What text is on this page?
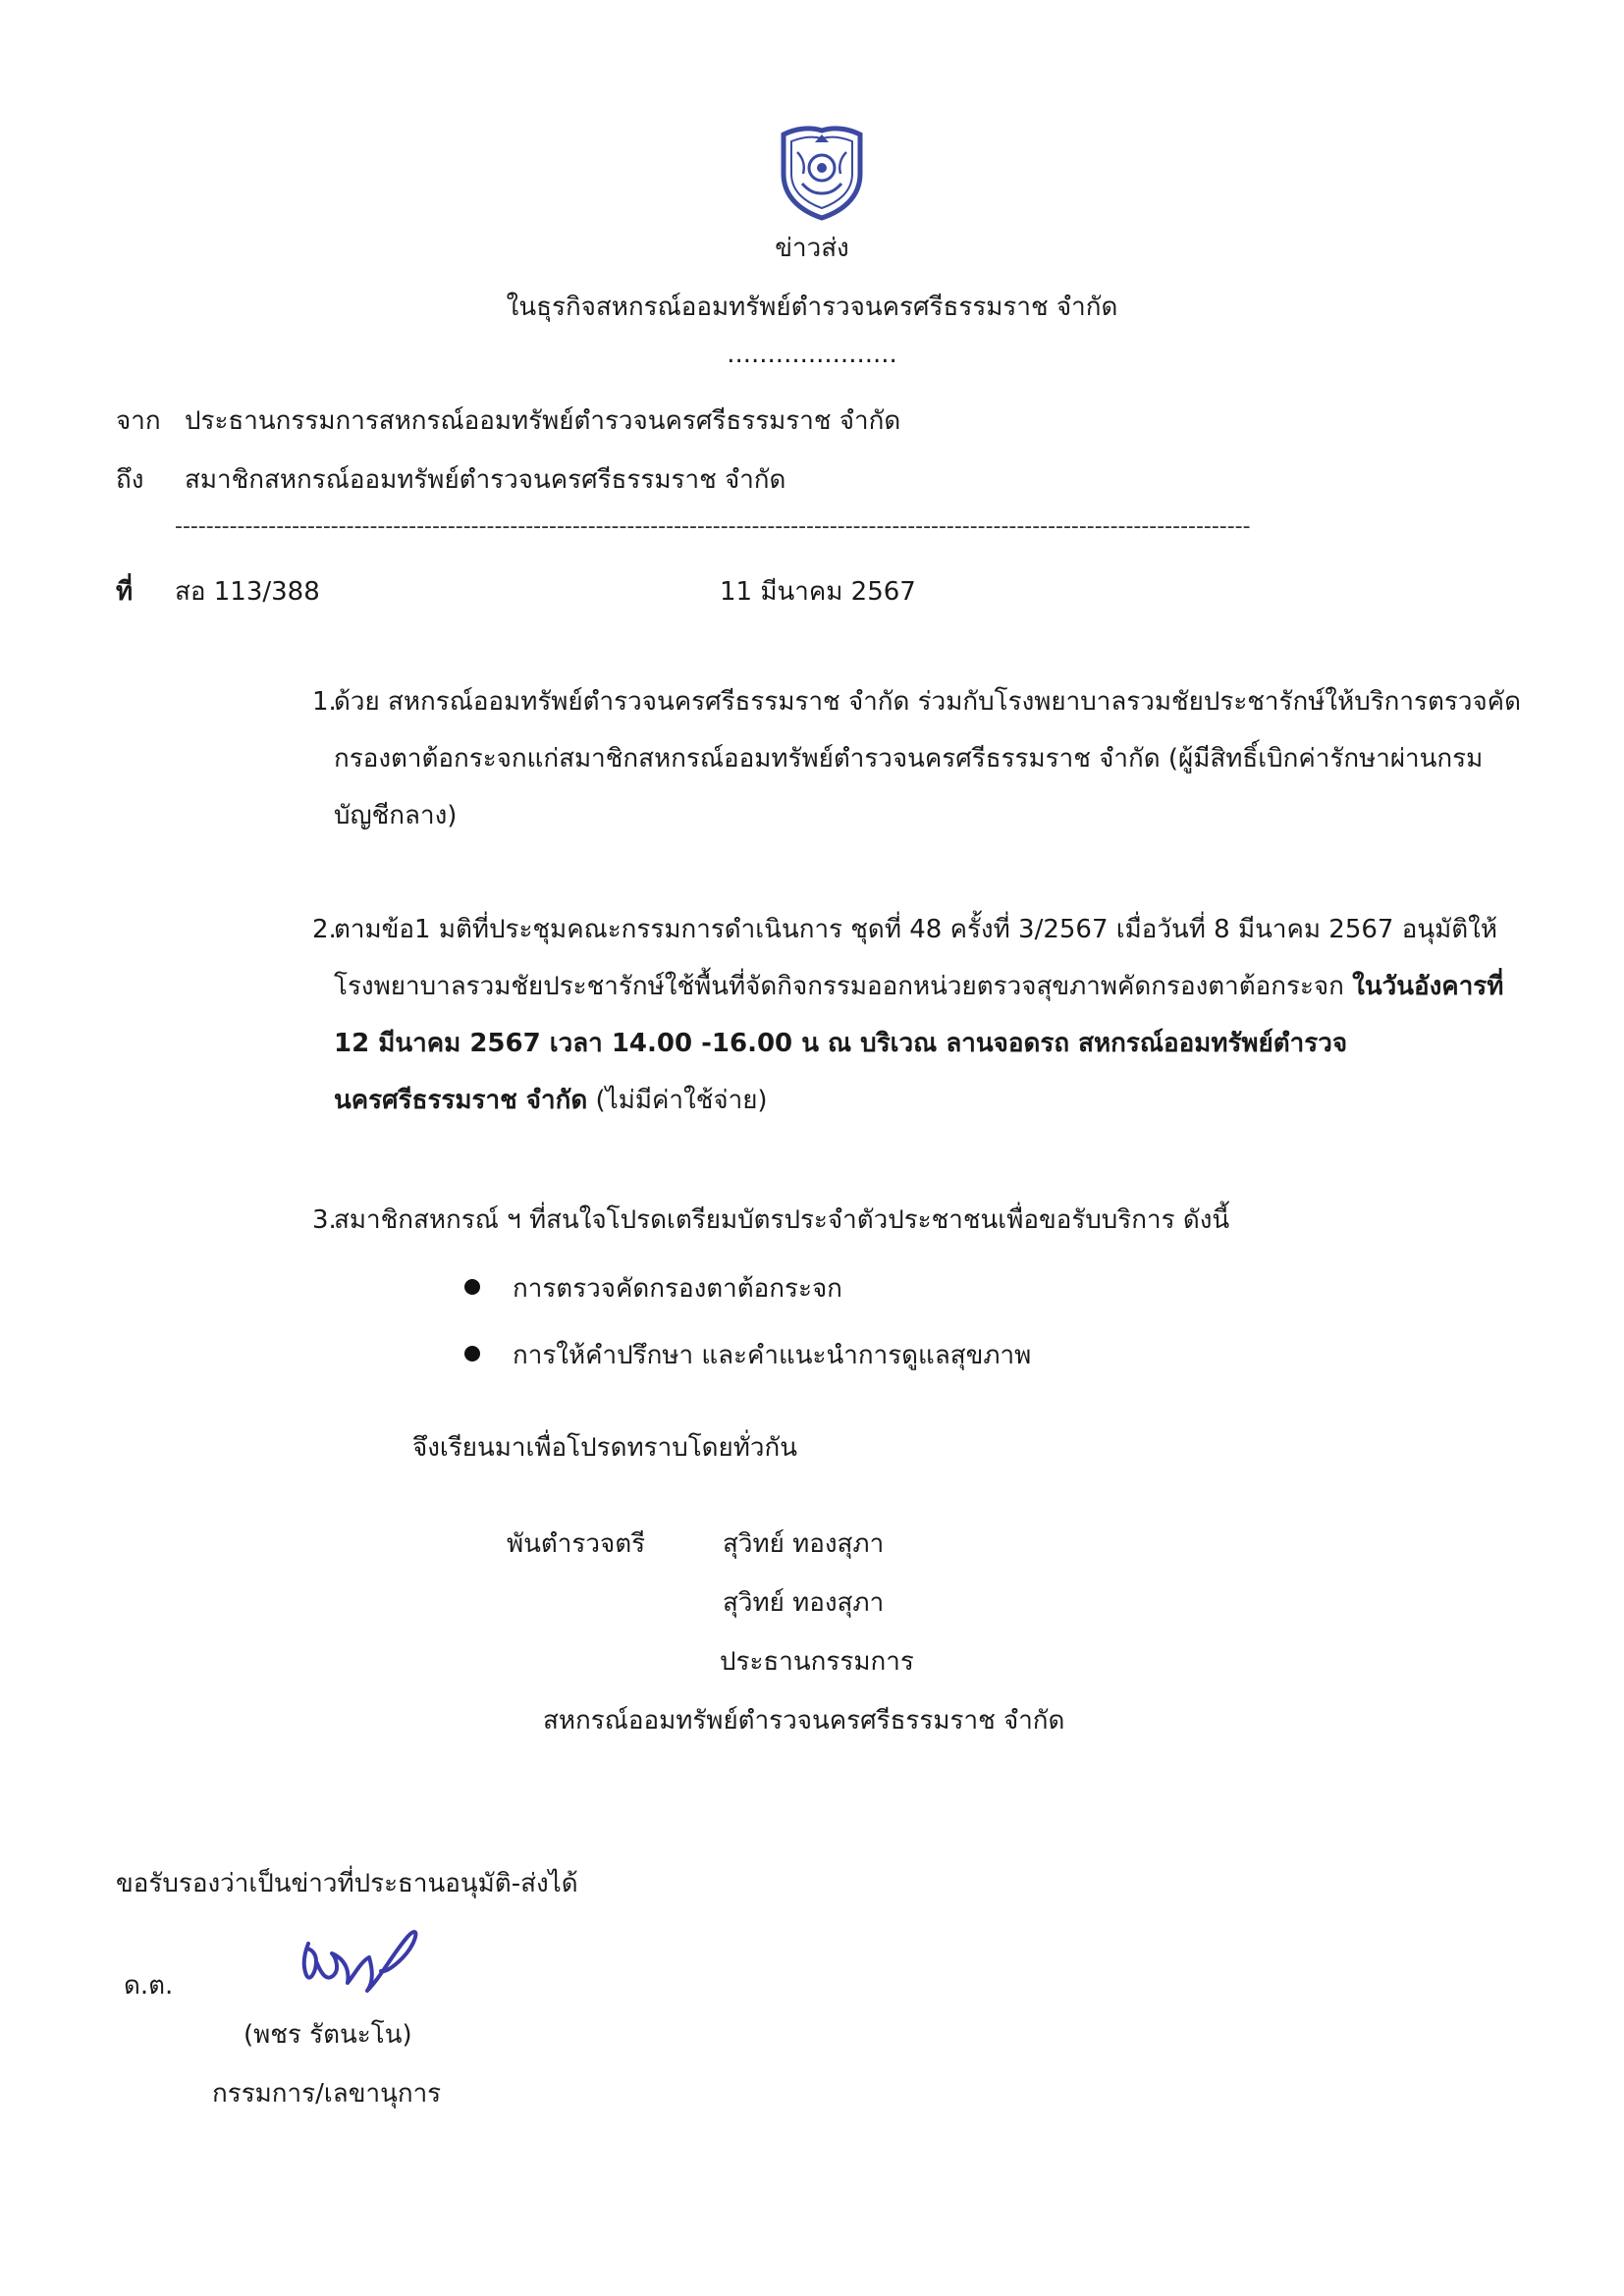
ข่าวส่ง
ในธุรกิจสหกรณ์ออมทรัพย์ตำรวจนครศรีธรรมราช จำกัด
.....................
จาก ประธานกรรมการสหกรณ์ออมทรัพย์ตำรวจนครศรีธรรมราช จำกัด
ถึง สมาชิกสหกรณ์ออมทรัพย์ตำรวจนครศรีธรรมราช จำกัด
------------------------------------------------------------------------------------------------------------------------------------------
ที่ สอ 113/388	11 มีนาคม 2567
1.
ด้วย สหกรณ์ออมทรัพย์ตำรวจนครศรีธรรมราช จำกัด ร่วมกับโรงพยาบาลรวมชัยประชารักษ์ให้บริการตรวจคัดกรองตาต้อกระจกแก่สมาชิกสหกรณ์ออมทรัพย์ตำรวจนครศรีธรรมราช จำกัด (ผู้มีสิทธิ์เบิกค่ารักษาผ่านกรมบัญชีกลาง)
2.
ตามข้อ1 มติที่ประชุมคณะกรรมการดำเนินการ ชุดที่ 48 ครั้งที่ 3/2567 เมื่อวันที่ 8 มีนาคม 2567 อนุมัติให้โรงพยาบาลรวมชัยประชารักษ์ใช้พื้นที่จัดกิจกรรมออกหน่วยตรวจสุขภาพคัดกรองตาต้อกระจก ในวันอังคารที่ 12 มีนาคม 2567 เวลา 14.00 -16.00 น ณ บริเวณ ลานจอดรถ สหกรณ์ออมทรัพย์ตำรวจนครศรีธรรมราช จำกัด (ไม่มีค่าใช้จ่าย)
3.
สมาชิกสหกรณ์ ฯ ที่สนใจโปรดเตรียมบัตรประจำตัวประชาชนเพื่อขอรับบริการ ดังนี้
การตรวจคัดกรองตาต้อกระจก
การให้คำปรึกษา และคำแนะนำการดูแลสุขภาพ
จึงเรียนมาเพื่อโปรดทราบโดยทั่วกัน
พันตำรวจตรี	สุวิทย์ ทองสุภา
สุวิทย์ ทองสุภา
ประธานกรรมการ
สหกรณ์ออมทรัพย์ตำรวจนครศรีธรรมราช จำกัด
ขอรับรองว่าเป็นข่าวที่ประธานอนุมัติ-ส่งได้
ด.ต.
(พชร รัตนะโน)
กรรมการ/เลขานุการ
